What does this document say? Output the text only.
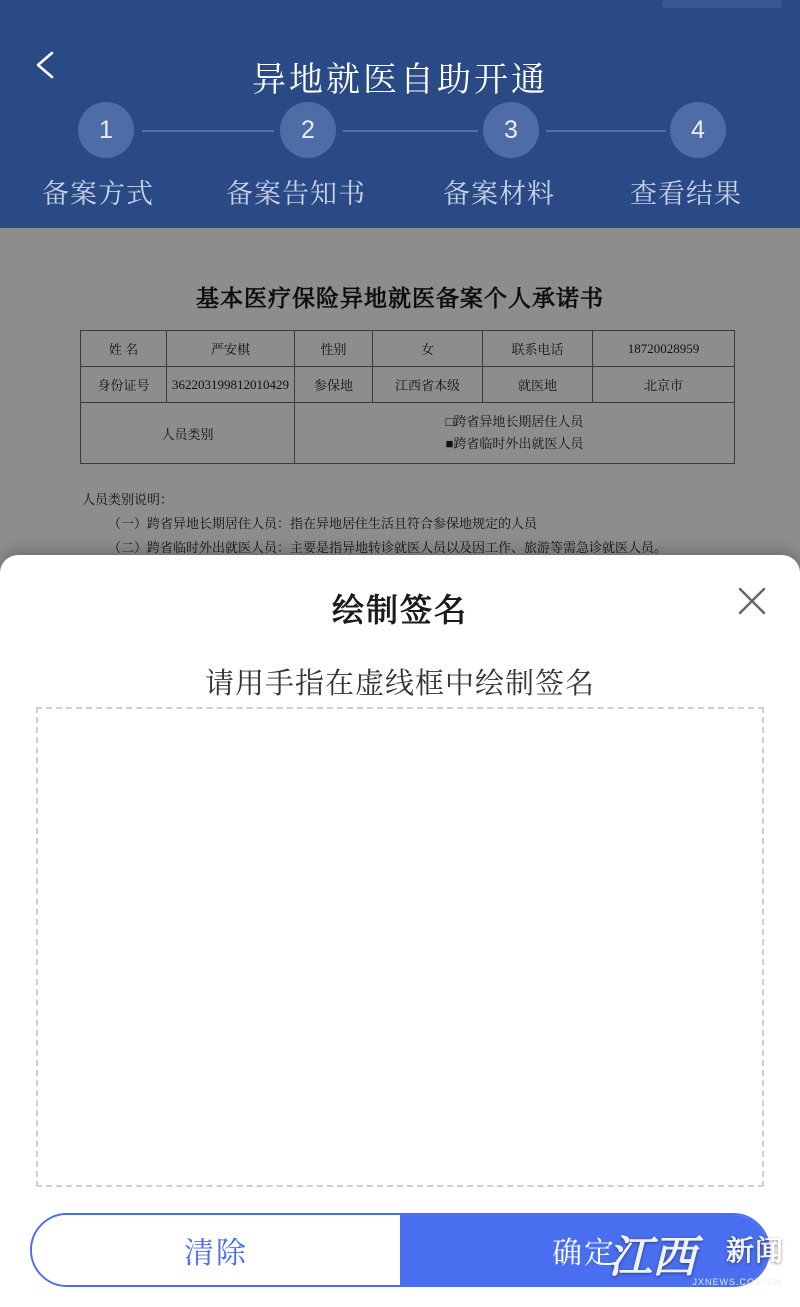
异地就医自助开通
1	2	3	4
备案方式	备案告知书	备案材料	查看结果
基本医疗保险异地就医备案个人承诺书
姓 名	严安棋	性别	女	联系电话	18720028959
身份证号	362203199812010429	参保地	江西省本级	就医地	北京市
人员类别		□跨省异地长期居住人员
■跨省临时外出就医人员			
人员类别说明：
（一）跨省异地长期居住人员：指在异地居住生活且符合参保地规定的人员
（二）跨省临时外出就医人员：主要是指异地转诊就医人员以及因工作、旅游等需急诊就医人员。
绘制签名
请用手指在虚线框中绘制签名
清除	确定
江西 新闻
JXNEWS.COM.CN
